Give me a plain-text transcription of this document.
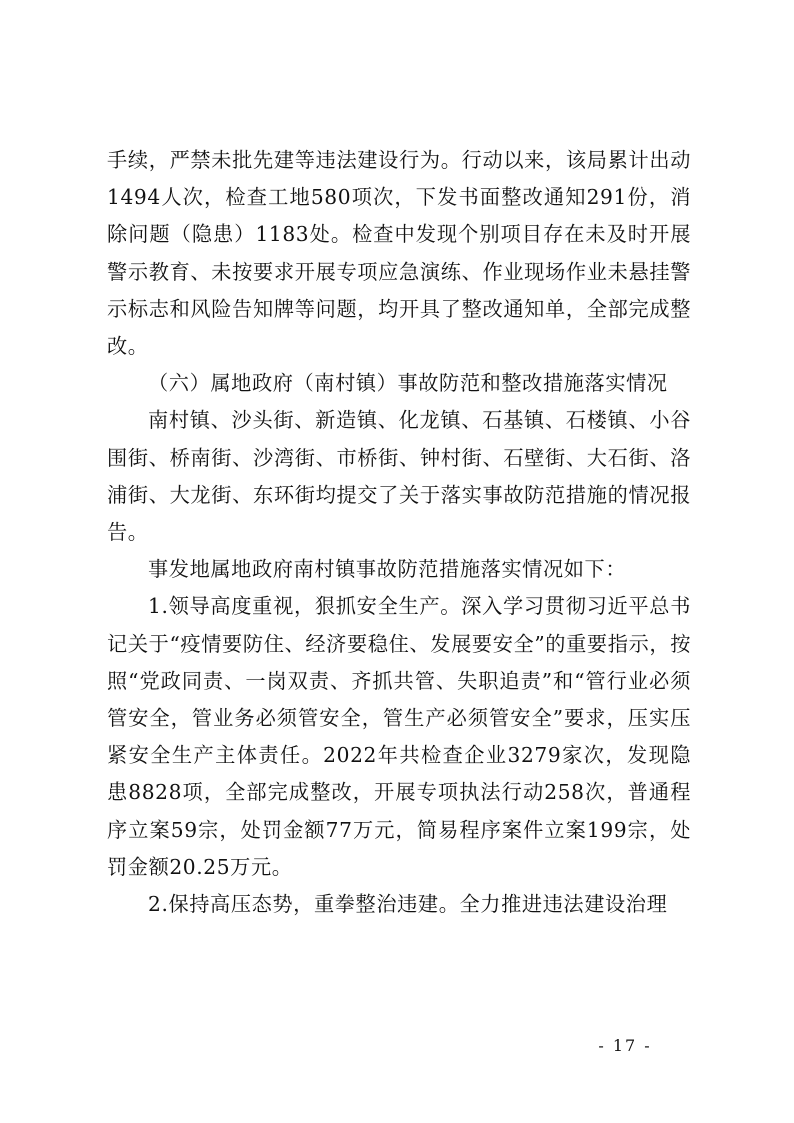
手续，严禁未批先建等违法建设行为。行动以来，该局累计出动1494人次，检查工地580项次，下发书面整改通知291份，消除问题（隐患）1183处。检查中发现个别项目存在未及时开展警示教育、未按要求开展专项应急演练、作业现场作业未悬挂警示标志和风险告知牌等问题，均开具了整改通知单，全部完成整改。

（六）属地政府（南村镇）事故防范和整改措施落实情况

南村镇、沙头街、新造镇、化龙镇、石基镇、石楼镇、小谷围街、桥南街、沙湾街、市桥街、钟村街、石壁街、大石街、洛浦街、大龙街、东环街均提交了关于落实事故防范措施的情况报告。

事发地属地政府南村镇事故防范措施落实情况如下：

1.领导高度重视，狠抓安全生产。深入学习贯彻习近平总书记关于“疫情要防住、经济要稳住、发展要安全”的重要指示，按照“党政同责、一岗双责、齐抓共管、失职追责”和“管行业必须管安全，管业务必须管安全，管生产必须管安全”要求，压实压紧安全生产主体责任。2022年共检查企业3279家次，发现隐患8828项，全部完成整改，开展专项执法行动258次，普通程序立案59宗，处罚金额77万元，简易程序案件立案199宗，处罚金额20.25万元。

2.保持高压态势，重拳整治违建。全力推进违法建设治理

- 17 -
